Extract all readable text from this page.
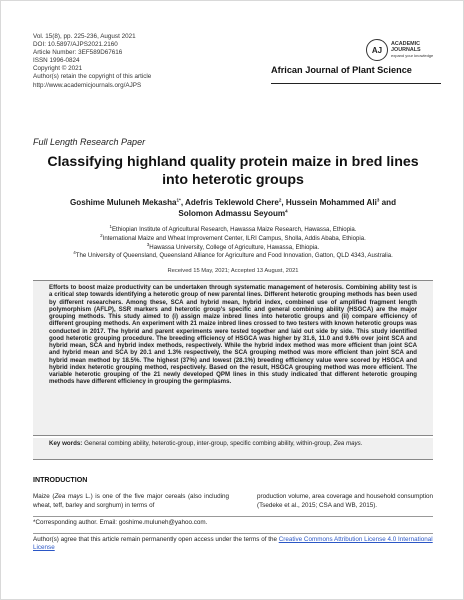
Vol. 15(8), pp. 225-236, August 2021
DOI: 10.5897/AJPS2021.2160
Article Number: 3EF589D67616
ISSN 1996-0824
Copyright © 2021
Author(s) retain the copyright of this article
http://www.academicjournals.org/AJPS
AJ
ACADEMIC
JOURNALS
expand your knowledge
African Journal of Plant Science
Full Length Research Paper
Classifying highland quality protein maize in bred lines
into heterotic groups
Goshime Muluneh Mekasha$^{1*}$, Adefris Teklewold Chere$^2$, Hussein Mohammed Ali$^3$ and
Solomon Admassu Seyoum$^4$
$^1$Ethiopian Institute of Agricultural Research, Hawassa Maize Research, Hawassa, Ethiopia.
$^2$International Maize and Wheat Improvement Center, ILRI Campus, Sholla, Addis Ababa, Ethiopia.
$^3$Hawassa University, College of Agriculture, Hawassa, Ethiopia.
$^4$The University of Queensland, Queensland Alliance for Agriculture and Food Innovation, Gatton, QLD 4343, Australia.
Received 15 May, 2021; Accepted 13 August, 2021

Efforts to boost maize productivity can be undertaken through systematic management of heterosis. Combining ability test is a critical step towards identifying a heterotic group of new parental lines. Different heterotic grouping methods has been used by different researchers. Among these, SCA and hybrid mean, hybrid index, combined use of amplified fragment length polymorphism (AFLP), SSR markers and heterotic group's specific and general combining ability (HSGCA) are the major grouping methods. This study aimed to (i) assign maize inbred lines into heterotic groups and (ii) compare efficiency of different grouping methods. An experiment with 21 maize inbred lines crossed to two testers with known heterotic groups was conducted in 2017. The hybrid and parent experiments were tested together and laid out side by side. This study identified good heterotic grouping procedure. The breeding efficiency of HSGCA was higher by 31.6, 11.0 and 9.6% over joint SCA and hybrid mean, SCA and hybrid index methods, respectively. While the hybrid index method was more efficient than joint SCA and hybrid mean and SCA by 20.1 and 1.3% respectively, the SCA grouping method was more efficient than joint SCA and hybrid mean method by 18.5%. The highest (37%) and lowest (28.1%) breeding efficiency value were scored by HSGCA and hybrid index heterotic grouping method, respectively. Based on the result, HSGCA grouping method was more efficient. The variable heterotic grouping of the 21 newly developed QPM lines in this study indicated that different heterotic grouping methods have different efficiency in grouping the germplasms.

Key words: General combing ability, heterotic-group, inter-group, specific combing ability, within-group, Zea mays.
INTRODUCTION
Maize (Zea mays L.) is one of the five major cereals (also including wheat, teff, barley and sorghum) in terms of
production volume, area coverage and household consumption (Tsedeke et al., 2015; CSA and WB, 2015).
*Corresponding author. Email: goshime.muluneh@yahoo.com.
Author(s) agree that this article remain permanently open access under the terms of the Creative Commons Attribution License 4.0 International License
